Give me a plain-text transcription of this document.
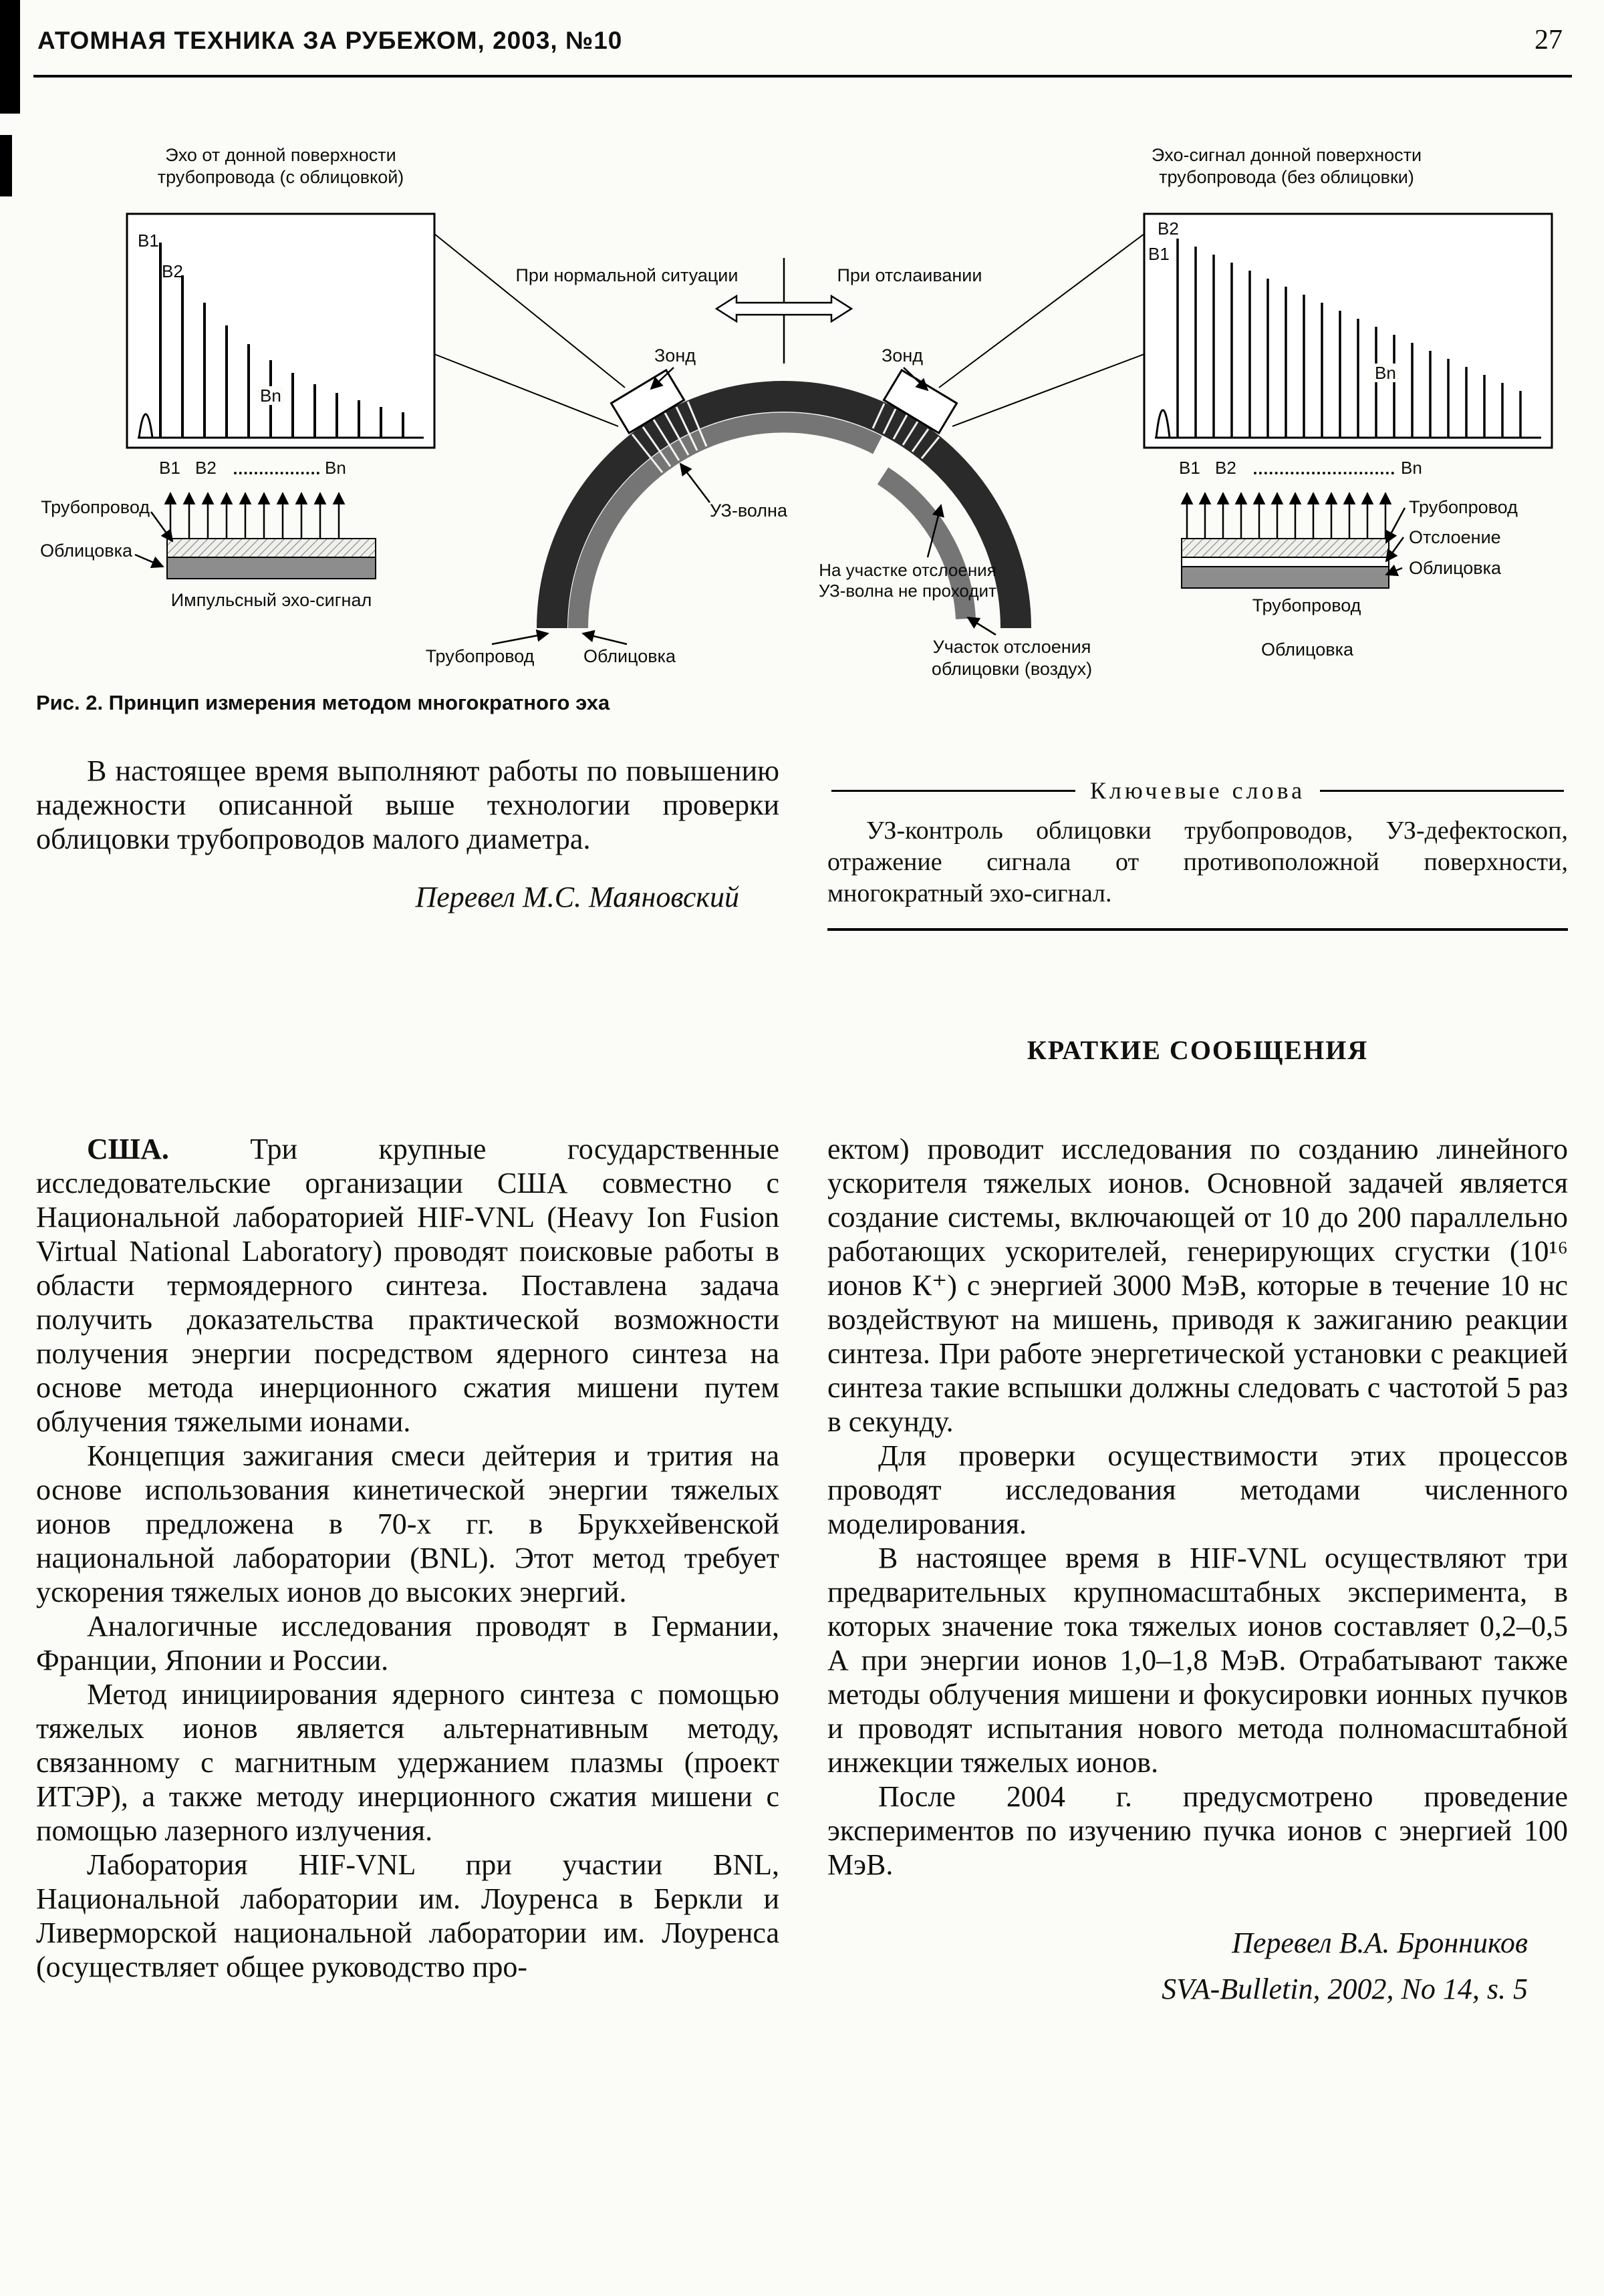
АТОМНАЯ ТЕХНИКА ЗА РУБЕЖОМ, 2003, №10	27
Эхо от донной поверхности
трубопровода (с облицовкой)
Эхо-сигнал донной поверхности
трубопровода (без облицовки)
B1
B2
Bn
B2
B1
Bn
B1 B2	Bn	B1 B2	Bn
Трубопровод
Облицовка
Импульсный эхо-сигнал
Трубопровод
Отслоение
Облицовка
Трубопровод
Облицовка
При нормальной ситуации	При отслаивании
Зонд	Зонд
УЗ-волна
На участке отслоения
УЗ-волна не проходит
Трубопровод	Облицовка	Участок отслоения
облицовки (воздух)
Рис. 2. Принцип измерения методом многократного эха

В настоящее время выполняют работы по повышению надежности описанной выше технологии проверки облицовки трубопроводов малого диаметра.

Перевел М.С. Маяновский

Ключевые слова

УЗ-контроль облицовки трубопроводов, УЗ-дефектоскоп, отражение сигнала от противоположной поверхности, многократный эхо-сигнал.

КРАТКИЕ СООБЩЕНИЯ

США. Три крупные государственные исследовательские организации США совместно с Национальной лабораторией HIF-VNL (Heavy Ion Fusion Virtual National Laboratory) проводят поисковые работы в области термоядерного синтеза. Поставлена задача получить доказательства практической возможности получения энергии посредством ядерного синтеза на основе метода инерционного сжатия мишени путем облучения тяжелыми ионами.

Концепция зажигания смеси дейтерия и трития на основе использования кинетической энергии тяжелых ионов предложена в 70-х гг. в Брукхейвенской национальной лаборатории (BNL). Этот метод требует ускорения тяжелых ионов до высоких энергий.

Аналогичные исследования проводят в Германии, Франции, Японии и России.

Метод инициирования ядерного синтеза с помощью тяжелых ионов является альтернативным методу, связанному с магнитным удержанием плазмы (проект ИТЭР), а также методу инерционного сжатия мишени с помощью лазерного излучения.

Лаборатория HIF-VNL при участии BNL, Национальной лаборатории им. Лоуренса в Беркли и Ливерморской национальной лаборатории им. Лоуренса (осуществляет общее руководство про-

ектом) проводит исследования по созданию линейного ускорителя тяжелых ионов. Основной задачей является создание системы, включающей от 10 до 200 параллельно работающих ускорителей, генерирующих сгустки (10¹⁶ ионов К⁺) с энергией 3000 МэВ, которые в течение 10 нс воздействуют на мишень, приводя к зажиганию реакции синтеза. При работе энергетической установки с реакцией синтеза такие вспышки должны следовать с частотой 5 раз в секунду.

Для проверки осуществимости этих процессов проводят исследования методами численного моделирования.

В настоящее время в HIF-VNL осуществляют три предварительных крупномасштабных эксперимента, в которых значение тока тяжелых ионов составляет 0,2–0,5 А при энергии ионов 1,0–1,8 МэВ. Отрабатывают также методы облучения мишени и фокусировки ионных пучков и проводят испытания нового метода полномасштабной инжекции тяжелых ионов.

После 2004 г. предусмотрено проведение экспериментов по изучению пучка ионов с энергией 100 МэВ.

Перевел В.А. Бронников

SVA-Bulletin, 2002, No 14, s. 5
